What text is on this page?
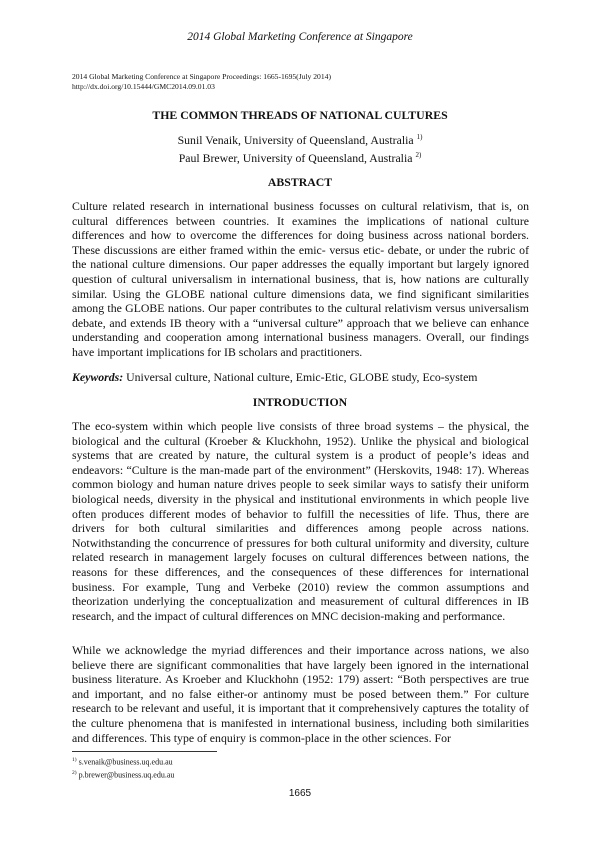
2014 Global Marketing Conference at Singapore
2014 Global Marketing Conference at Singapore Proceedings: 1665-1695(July 2014)
http://dx.doi.org/10.15444/GMC2014.09.01.03
THE COMMON THREADS OF NATIONAL CULTURES
Sunil Venaik, University of Queensland, Australia $^{1)}$
Paul Brewer, University of Queensland, Australia $^{2)}$
ABSTRACT

Culture related research in international business focusses on cultural relativism, that is, on cultural differences between countries. It examines the implications of national culture differences and how to overcome the differences for doing business across national borders. These discussions are either framed within the emic- versus etic- debate, or under the rubric of the national culture dimensions. Our paper addresses the equally important but largely ignored question of cultural universalism in international business, that is, how nations are culturally similar. Using the GLOBE national culture dimensions data, we find significant similarities among the GLOBE nations. Our paper contributes to the cultural relativism versus universalism debate, and extends IB theory with a “universal culture” approach that we believe can enhance understanding and cooperation among international business managers. Overall, our findings have important implications for IB scholars and practitioners.

Keywords: Universal culture, National culture, Emic-Etic, GLOBE study, Eco-system
INTRODUCTION

The eco-system within which people live consists of three broad systems – the physical, the biological and the cultural (Kroeber & Kluckhohn, 1952). Unlike the physical and biological systems that are created by nature, the cultural system is a product of people’s ideas and endeavors: “Culture is the man-made part of the environment” (Herskovits, 1948: 17). Whereas common biology and human nature drives people to seek similar ways to satisfy their uniform biological needs, diversity in the physical and institutional environments in which people live often produces different modes of behavior to fulfill the necessities of life. Thus, there are drivers for both cultural similarities and differences among people across nations. Notwithstanding the concurrence of pressures for both cultural uniformity and diversity, culture related research in management largely focuses on cultural differences between nations, the reasons for these differences, and the consequences of these differences for international business. For example, Tung and Verbeke (2010) review the common assumptions and theorization underlying the conceptualization and measurement of cultural differences in IB research, and the impact of cultural differences on MNC decision-making and performance.

While we acknowledge the myriad differences and their importance across nations, we also believe there are significant commonalities that have largely been ignored in the international business literature. As Kroeber and Kluckhohn (1952: 179) assert: “Both perspectives are true and important, and no false either-or antinomy must be posed between them.” For culture research to be relevant and useful, it is important that it comprehensively captures the totality of the culture phenomena that is manifested in international business, including both similarities and differences. This type of enquiry is common-place in the other sciences. For

$^{1)}$ s.venaik@business.uq.edu.au
$^{2)}$ p.brewer@business.uq.edu.au
1665
